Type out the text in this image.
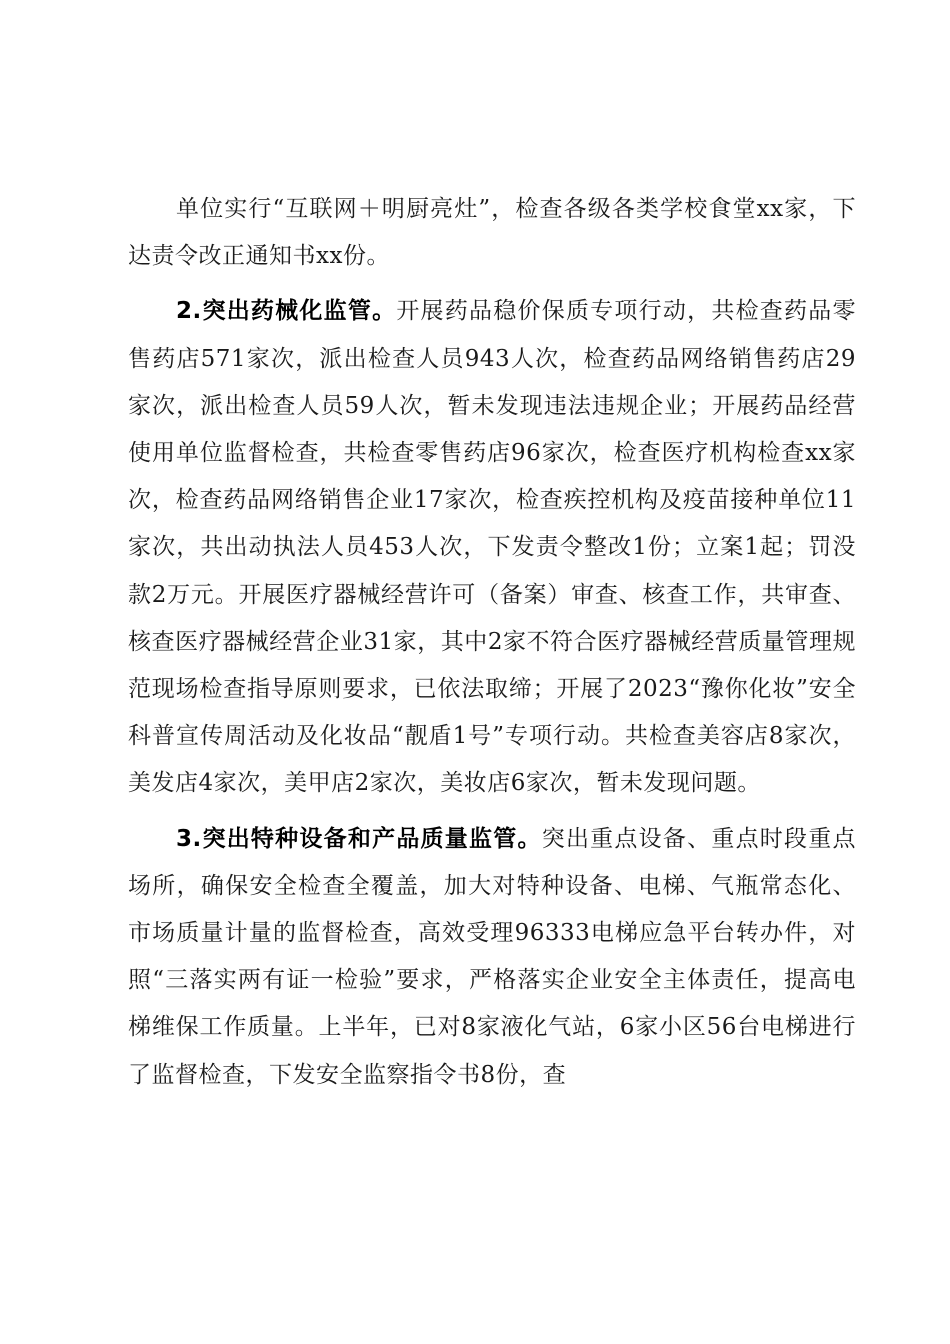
单位实行“互联网＋明厨亮灶”，检查各级各类学校食堂xx家，下达责令改正通知书xx份。

2.突出药械化监管。开展药品稳价保质专项行动，共检查药品零售药店571家次，派出检查人员943人次，检查药品网络销售药店29家次，派出检查人员59人次，暂未发现违法违规企业；开展药品经营使用单位监督检查，共检查零售药店96家次，检查医疗机构检查xx家次，检查药品网络销售企业17家次，检查疾控机构及疫苗接种单位11家次，共出动执法人员453人次，下发责令整改1份；立案1起；罚没款2万元。开展医疗器械经营许可（备案）审查、核查工作，共审查、核查医疗器械经营企业31家，其中2家不符合医疗器械经营质量管理规范现场检查指导原则要求，已依法取缔；开展了2023“豫你化妆”安全科普宣传周活动及化妆品“靓盾1号”专项行动。共检查美容店8家次，美发店4家次，美甲店2家次，美妆店6家次，暂未发现问题。

3.突出特种设备和产品质量监管。突出重点设备、重点时段重点场所，确保安全检查全覆盖，加大对特种设备、电梯、气瓶常态化、市场质量计量的监督检查，高效受理96333电梯应急平台转办件，对照“三落实两有证一检验”要求，严格落实企业安全主体责任，提高电梯维保工作质量。上半年，已对8家液化气站，6家小区56台电梯进行了监督检查，下发安全监察指令书8份，查
